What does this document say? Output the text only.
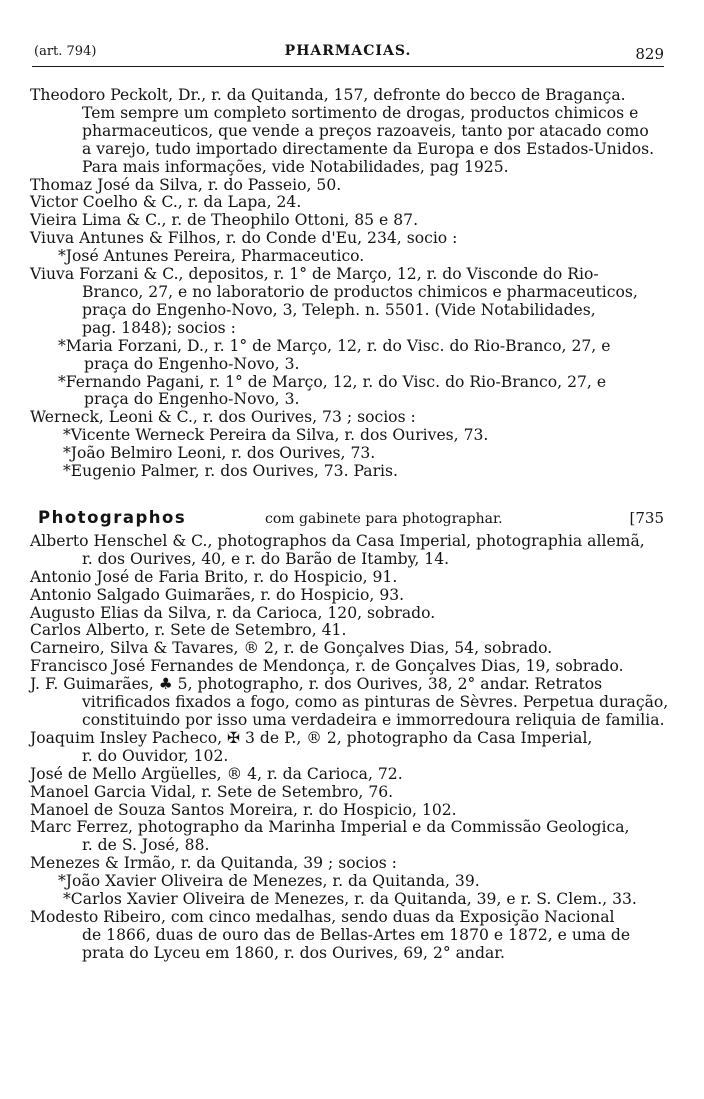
(art. 794)	PHARMACIAS.	829

Theodoro Peckolt, Dr., r. da Quitanda, 157, defronte do becco de Bragança.

Tem sempre um completo sortimento de drogas, productos chimicos e

pharmaceuticos, que vende a preços razoaveis, tanto por atacado como

a varejo, tudo importado directamente da Europa e dos Estados-Unidos.

Para mais informações, vide Notabilidades, pag 1925.

Thomaz José da Silva, r. do Passeio, 50.

Victor Coelho & C., r. da Lapa, 24.

Vieira Lima & C., r. de Theophilo Ottoni, 85 e 87.

Viuva Antunes & Filhos, r. do Conde d'Eu, 234, socio :

*José Antunes Pereira, Pharmaceutico.

Viuva Forzani & C., depositos, r. 1° de Março, 12, r. do Visconde do Rio-

Branco, 27, e no laboratorio de productos chimicos e pharmaceuticos,

praça do Engenho-Novo, 3, Teleph. n. 5501. (Vide Notabilidades,

pag. 1848); socios :

*Maria Forzani, D., r. 1° de Março, 12, r. do Visc. do Rio-Branco, 27, e

praça do Engenho-Novo, 3.

*Fernando Pagani, r. 1° de Março, 12, r. do Visc. do Rio-Branco, 27, e

praça do Engenho-Novo, 3.

Werneck, Leoni & C., r. dos Ourives, 73 ; socios :

*Vicente Werneck Pereira da Silva, r. dos Ourives, 73.

*João Belmiro Leoni, r. dos Ourives, 73.

*Eugenio Palmer, r. dos Ourives, 73. Paris.

Photographos	com gabinete para photographar.	[735

Alberto Henschel & C., photographos da Casa Imperial, photographia allemã,

r. dos Ourives, 40, e r. do Barão de Itamby, 14.

Antonio José de Faria Brito, r. do Hospicio, 91.

Antonio Salgado Guimarães, r. do Hospicio, 93.

Augusto Elias da Silva, r. da Carioca, 120, sobrado.

Carlos Alberto, r. Sete de Setembro, 41.

Carneiro, Silva & Tavares, ® 2, r. de Gonçalves Dias, 54, sobrado.

Francisco José Fernandes de Mendonça, r. de Gonçalves Dias, 19, sobrado.

J. F. Guimarães, ♣ 5, photographo, r. dos Ourives, 38, 2° andar. Retratos

vitrificados fixados a fogo, como as pinturas de Sèvres. Perpetua duração,

constituindo por isso uma verdadeira e immorredoura reliquia de familia.

Joaquim Insley Pacheco, ✠ 3 de P., ® 2, photographo da Casa Imperial,

r. do Ouvidor, 102.

José de Mello Argüelles, ® 4, r. da Carioca, 72.

Manoel Garcia Vidal, r. Sete de Setembro, 76.

Manoel de Souza Santos Moreira, r. do Hospicio, 102.

Marc Ferrez, photographo da Marinha Imperial e da Commissão Geologica,

r. de S. José, 88.

Menezes & Irmão, r. da Quitanda, 39 ; socios :

*João Xavier Oliveira de Menezes, r. da Quitanda, 39.

*Carlos Xavier Oliveira de Menezes, r. da Quitanda, 39, e r. S. Clem., 33.

Modesto Ribeiro, com cinco medalhas, sendo duas da Exposição Nacional

de 1866, duas de ouro das de Bellas-Artes em 1870 e 1872, e uma de

prata do Lyceu em 1860, r. dos Ourives, 69, 2° andar.
